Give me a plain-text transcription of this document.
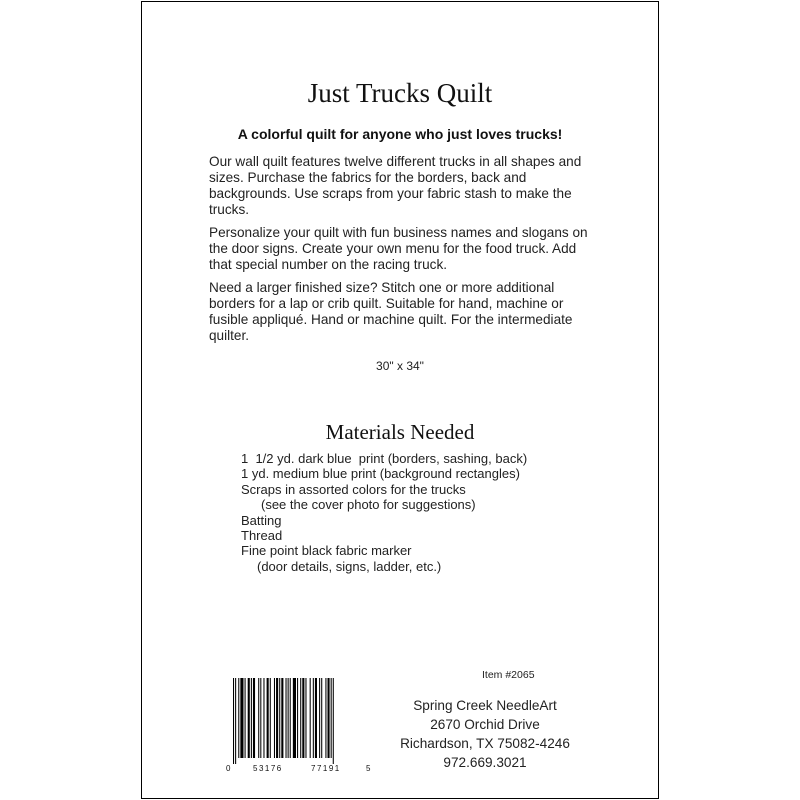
Just Trucks Quilt
A colorful quilt for anyone who just loves trucks!

Our wall quilt features twelve different trucks in all shapes and sizes. Purchase the fabrics for the borders, back and backgrounds. Use scraps from your fabric stash to make the trucks.

Personalize your quilt with fun business names and slogans on the door signs. Create your own menu for the food truck. Add that special number on the racing truck.

Need a larger finished size? Stitch one or more additional borders for a lap or crib quilt. Suitable for hand, machine or fusible appliqué. Hand or machine quilt. For the intermediate quilter.

30" x 34"
Materials Needed
1  1/2 yd. dark blue  print (borders, sashing, back)
1 yd. medium blue print (background rectangles)
Scraps in assorted colors for the trucks
(see the cover photo for suggestions)
Batting
Thread
Fine point black fabric marker
(door details, signs, ladder, etc.)
Item #2065
0	53176	77191	5
Spring Creek NeedleArt
2670 Orchid Drive
Richardson, TX 75082-4246
972.669.3021
